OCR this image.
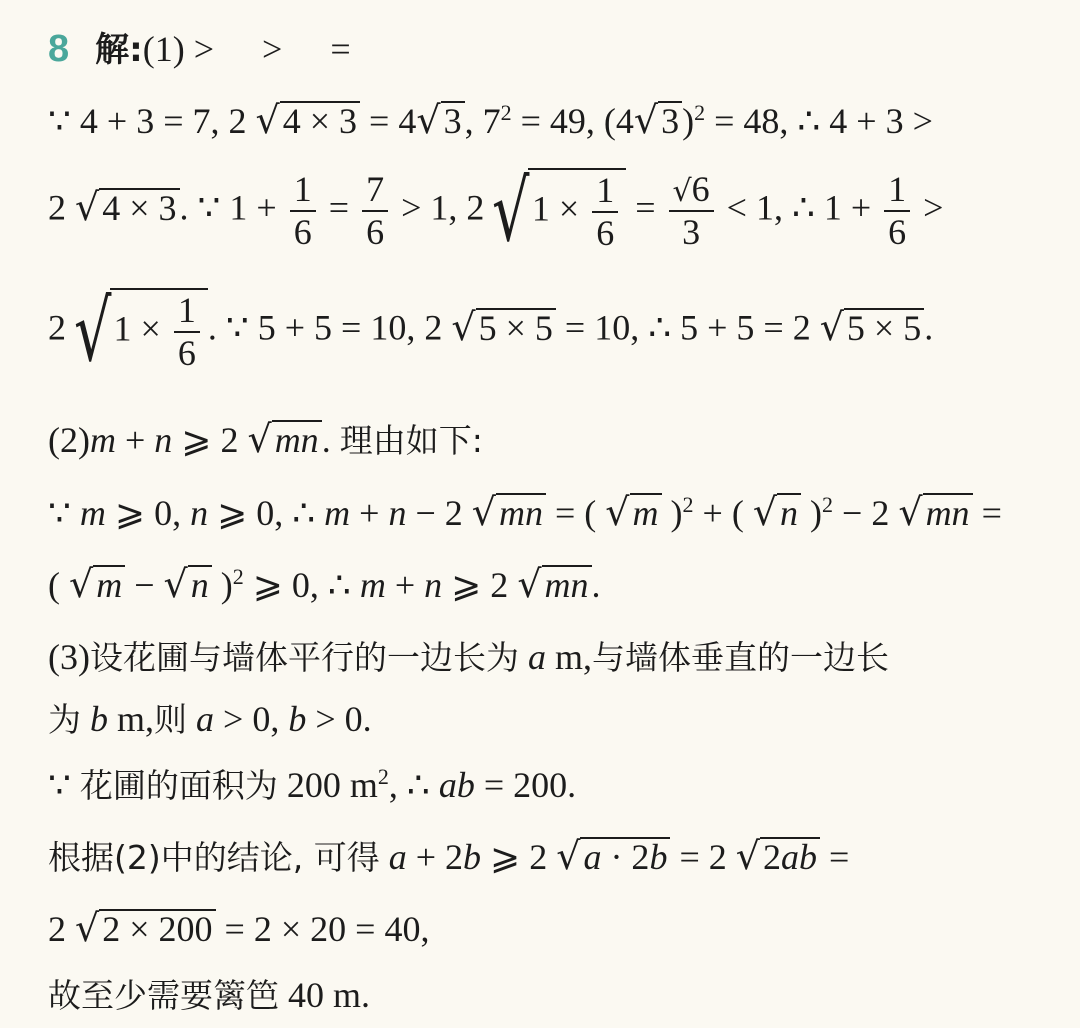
8 解:(1) > > =
∵ 4 + 3 = 7, 2 √4 × 3 = 4√3, $7^2 = 49$, $(4√3)^2 = 48$, ∴ 4 + 3 >
2 √4 × 3. ∵ $1 + \frac{1}{6} = \frac{7}{6} > 1$, $2√1 \times \frac{1}{6} = \frac{√6}{3} < 1$, ∴ $1 + \frac{1}{6}$ >
$2√1 \times \frac{1}{6}$ . ∵ 5 + 5 = 10, 2 √5 × 5 = 10, ∴ 5 + 5 = 2 √5 × 5.
(2)m + n ⩾ 2 √mn. 理由如下:
∵ m ⩾ 0, n ⩾ 0, ∴ m + n − 2 √mn = ( √m )$^2$ + ( √n )$^2$ − 2 √mn =
( √m − √n )$^2$ ⩾ 0, ∴ m + n ⩾ 2 √mn.
(3)设花圃与墙体平行的一边长为 a m,与墙体垂直的一边长
为 b m,则 a > 0, b > 0.
∵ 花圃的面积为 200 $m^2$, ∴ ab = 200.
根据(2)中的结论, 可得 a + 2b ⩾ 2 √a · 2b = 2 √2ab =
2 √2 × 200 = 2 × 20 = 40,
故至少需要篱笆 40 m.
